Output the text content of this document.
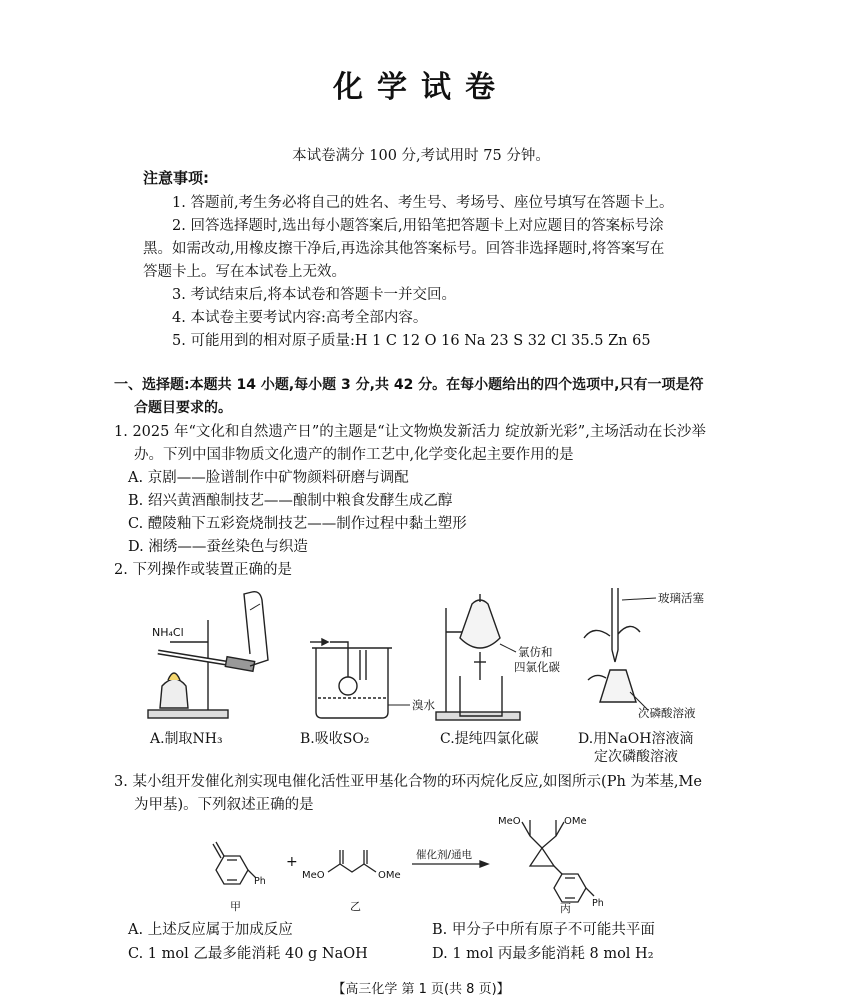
化学试卷
本试卷满分 100 分,考试用时 75 分钟。
注意事项:
1. 答题前,考生务必将自己的姓名、考生号、考场号、座位号填写在答题卡上。
2. 回答选择题时,选出每小题答案后,用铅笔把答题卡上对应题目的答案标号涂
黑。如需改动,用橡皮擦干净后,再选涂其他答案标号。回答非选择题时,将答案写在
答题卡上。写在本试卷上无效。
3. 考试结束后,将本试卷和答题卡一并交回。
4. 本试卷主要考试内容:高考全部内容。
5. 可能用到的相对原子质量:H 1 C 12 O 16 Na 23 S 32 Cl 35.5 Zn 65
一、选择题:本题共 14 小题,每小题 3 分,共 42 分。在每小题给出的四个选项中,只有一项是符
合题目要求的。
1. 2025 年“文化和自然遗产日”的主题是“让文物焕发新活力 绽放新光彩”,主场活动在长沙举
办。下列中国非物质文化遗产的制作工艺中,化学变化起主要作用的是
A. 京剧——脸谱制作中矿物颜料研磨与调配
B. 绍兴黄酒酿制技艺——酿制中粮食发酵生成乙醇
C. 醴陵釉下五彩瓷烧制技艺——制作过程中黏土塑形
D. 湘绣——蚕丝染色与织造
2. 下列操作或装置正确的是
NH₄Cl
溴水
氯仿和
四氯化碳
玻璃活塞
次磷酸溶液
A.制取NH₃	B.吸收SO₂	C.提纯四氯化碳	D.用NaOH溶液滴
定次磷酸溶液
3. 某小组开发催化剂实现电催化活性亚甲基化合物的环丙烷化反应,如图所示(Ph 为苯基,Me
为甲基)。下列叙述正确的是
Ph
+
MeO	OMe
催化剂/通电
MeO	OMe
Ph
甲	乙	丙
A. 上述反应属于加成反应	B. 甲分子中所有原子不可能共平面
C. 1 mol 乙最多能消耗 40 g NaOH	D. 1 mol 丙最多能消耗 8 mol H₂
【高三化学 第 1 页(共 8 页)】
